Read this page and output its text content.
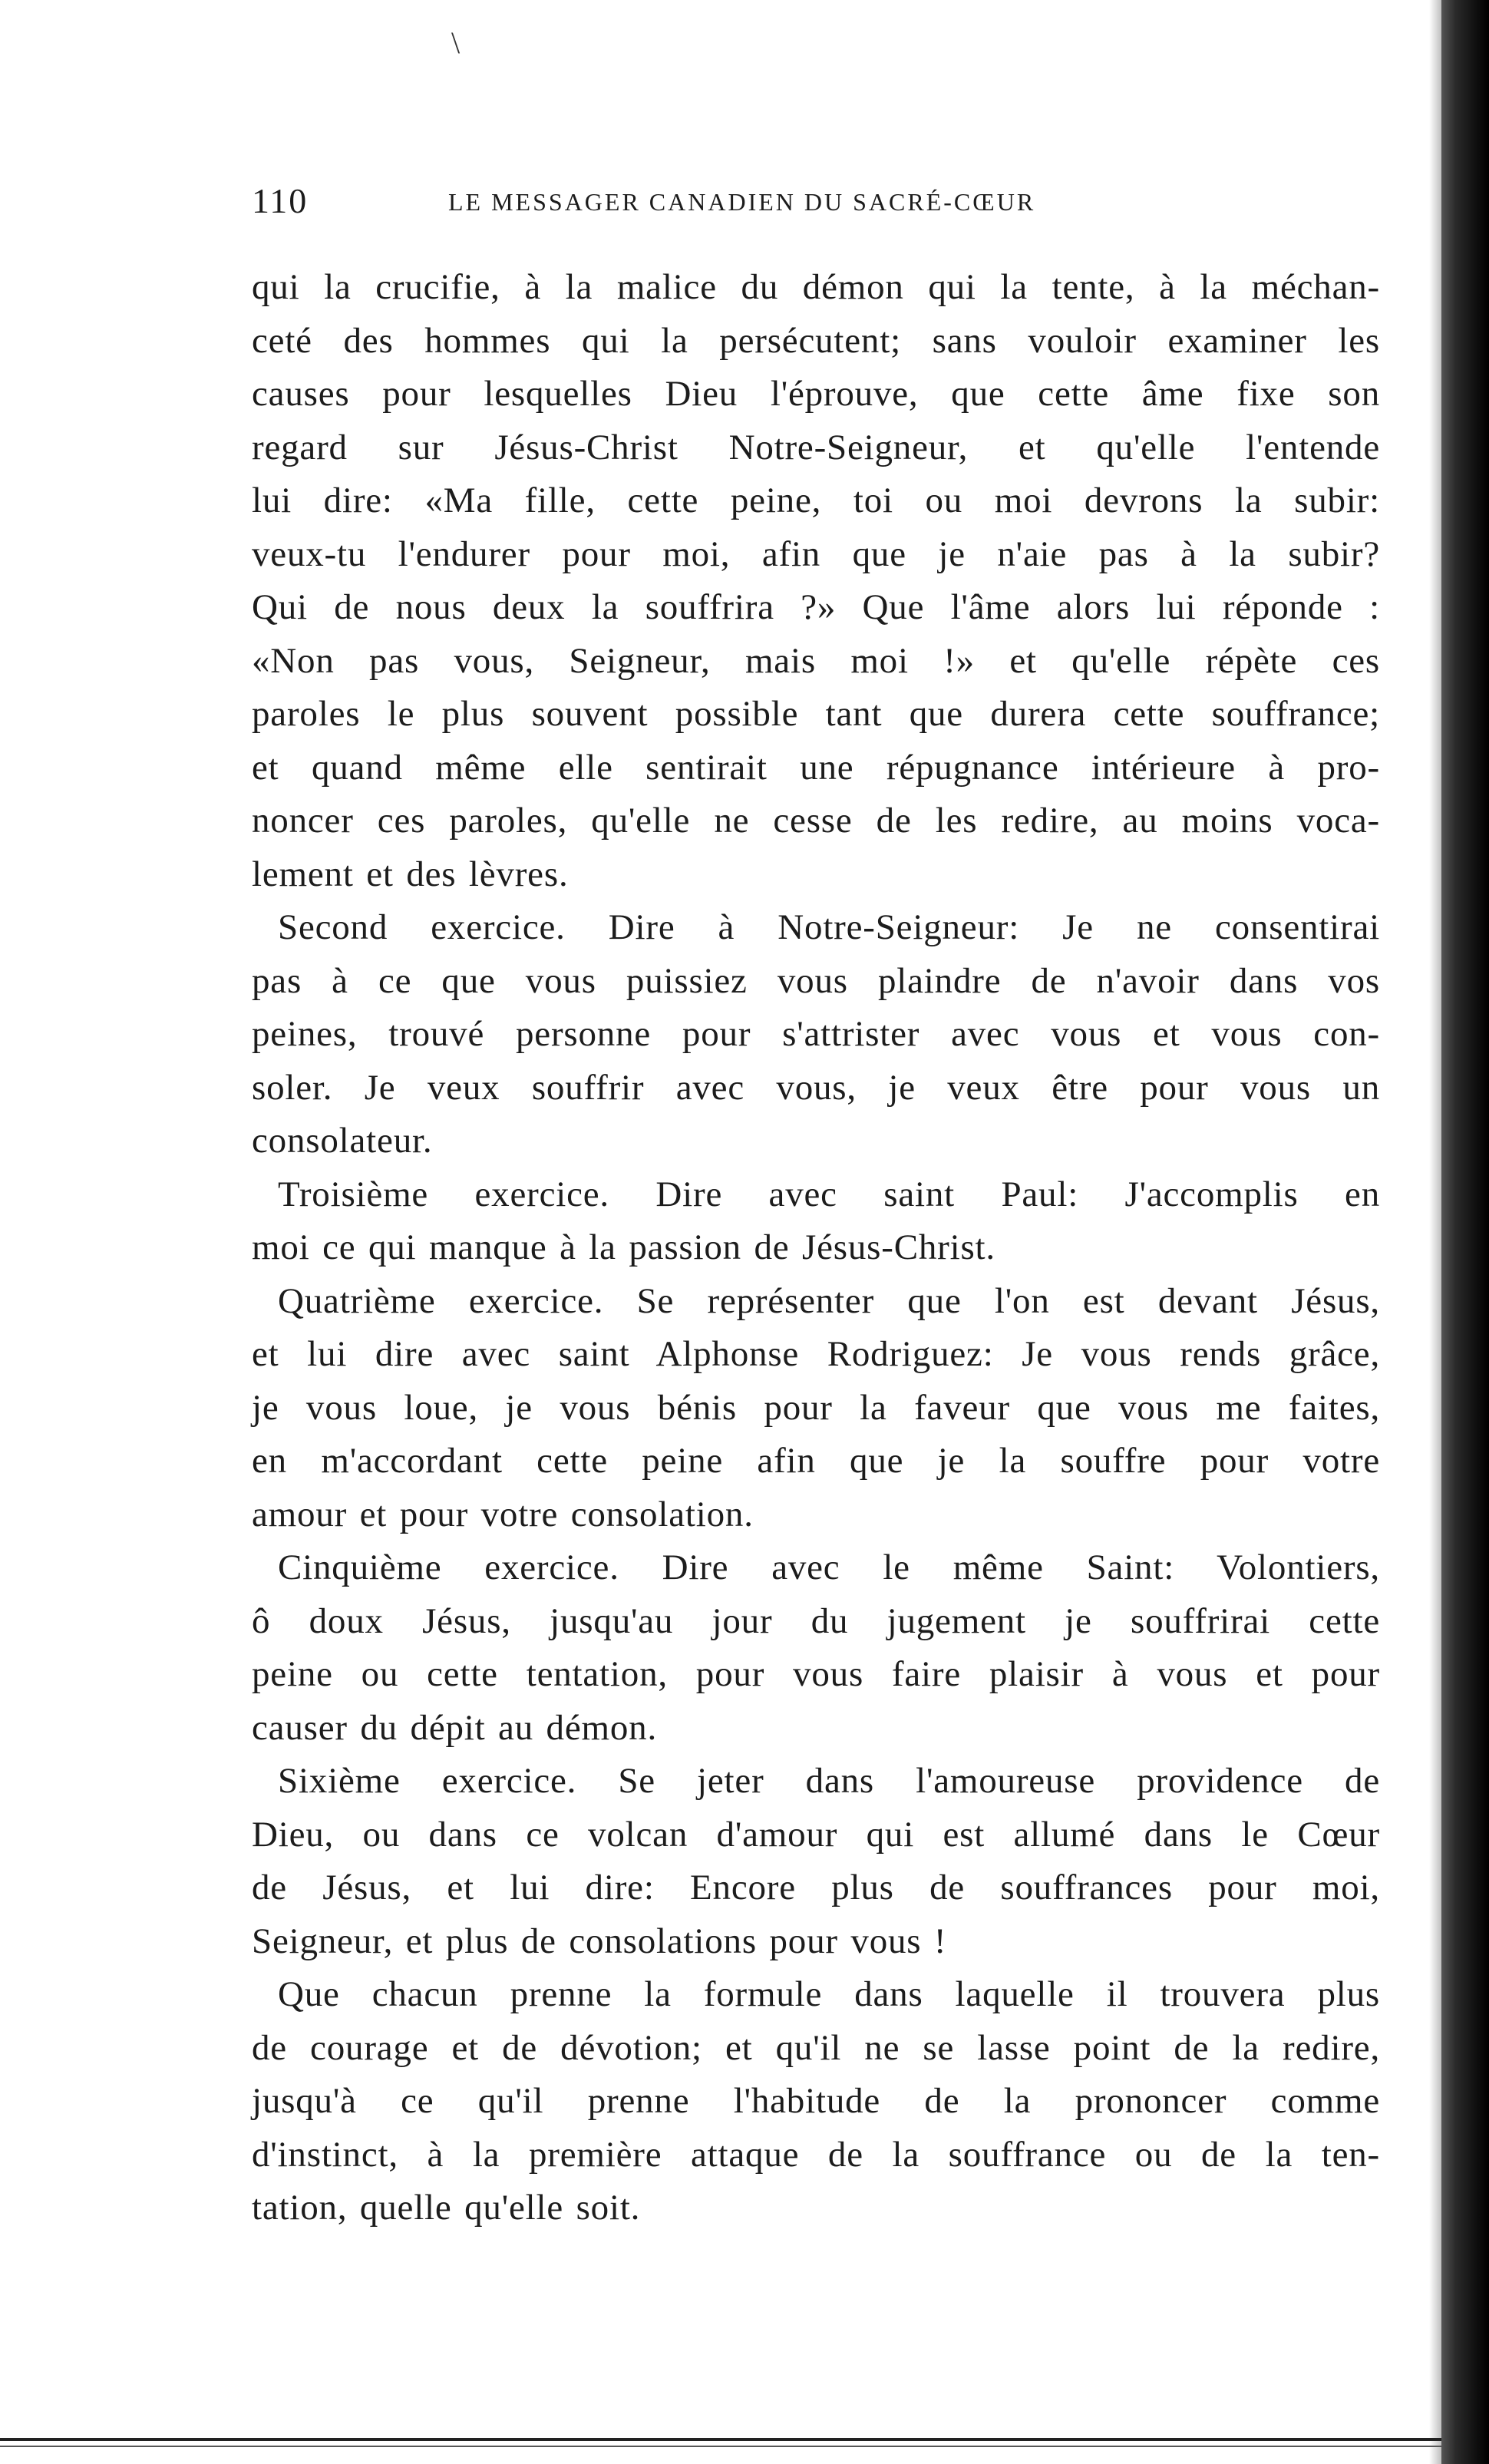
\
110	LE MESSAGER CANADIEN DU SACRÉ-CŒUR
qui la crucifie, à la malice du démon qui la tente, à la méchan-
ceté des hommes qui la persécutent; sans vouloir examiner les
causes pour lesquelles Dieu l'éprouve, que cette âme fixe son
regard sur Jésus-Christ Notre-Seigneur, et qu'elle l'entende
lui dire: «Ma fille, cette peine, toi ou moi devrons la subir:
veux-tu l'endurer pour moi, afin que je n'aie pas à la subir?
Qui de nous deux la souffrira ?» Que l'âme alors lui réponde :
«Non pas vous, Seigneur, mais moi !» et qu'elle répète ces
paroles le plus souvent possible tant que durera cette souffrance;
et quand même elle sentirait une répugnance intérieure à pro-
noncer ces paroles, qu'elle ne cesse de les redire, au moins voca-
lement et des lèvres.
Second exercice. Dire à Notre-Seigneur: Je ne consentirai
pas à ce que vous puissiez vous plaindre de n'avoir dans vos
peines, trouvé personne pour s'attrister avec vous et vous con-
soler. Je veux souffrir avec vous, je veux être pour vous un
consolateur.
Troisième exercice. Dire avec saint Paul: J'accomplis en
moi ce qui manque à la passion de Jésus-Christ.
Quatrième exercice. Se représenter que l'on est devant Jésus,
et lui dire avec saint Alphonse Rodriguez: Je vous rends grâce,
je vous loue, je vous bénis pour la faveur que vous me faites,
en m'accordant cette peine afin que je la souffre pour votre
amour et pour votre consolation.
Cinquième exercice. Dire avec le même Saint: Volontiers,
ô doux Jésus, jusqu'au jour du jugement je souffrirai cette
peine ou cette tentation, pour vous faire plaisir à vous et pour
causer du dépit au démon.
Sixième exercice. Se jeter dans l'amoureuse providence de
Dieu, ou dans ce volcan d'amour qui est allumé dans le Cœur
de Jésus, et lui dire: Encore plus de souffrances pour moi,
Seigneur, et plus de consolations pour vous !
Que chacun prenne la formule dans laquelle il trouvera plus
de courage et de dévotion; et qu'il ne se lasse point de la redire,
jusqu'à ce qu'il prenne l'habitude de la prononcer comme
d'instinct, à la première attaque de la souffrance ou de la ten-
tation, quelle qu'elle soit.
